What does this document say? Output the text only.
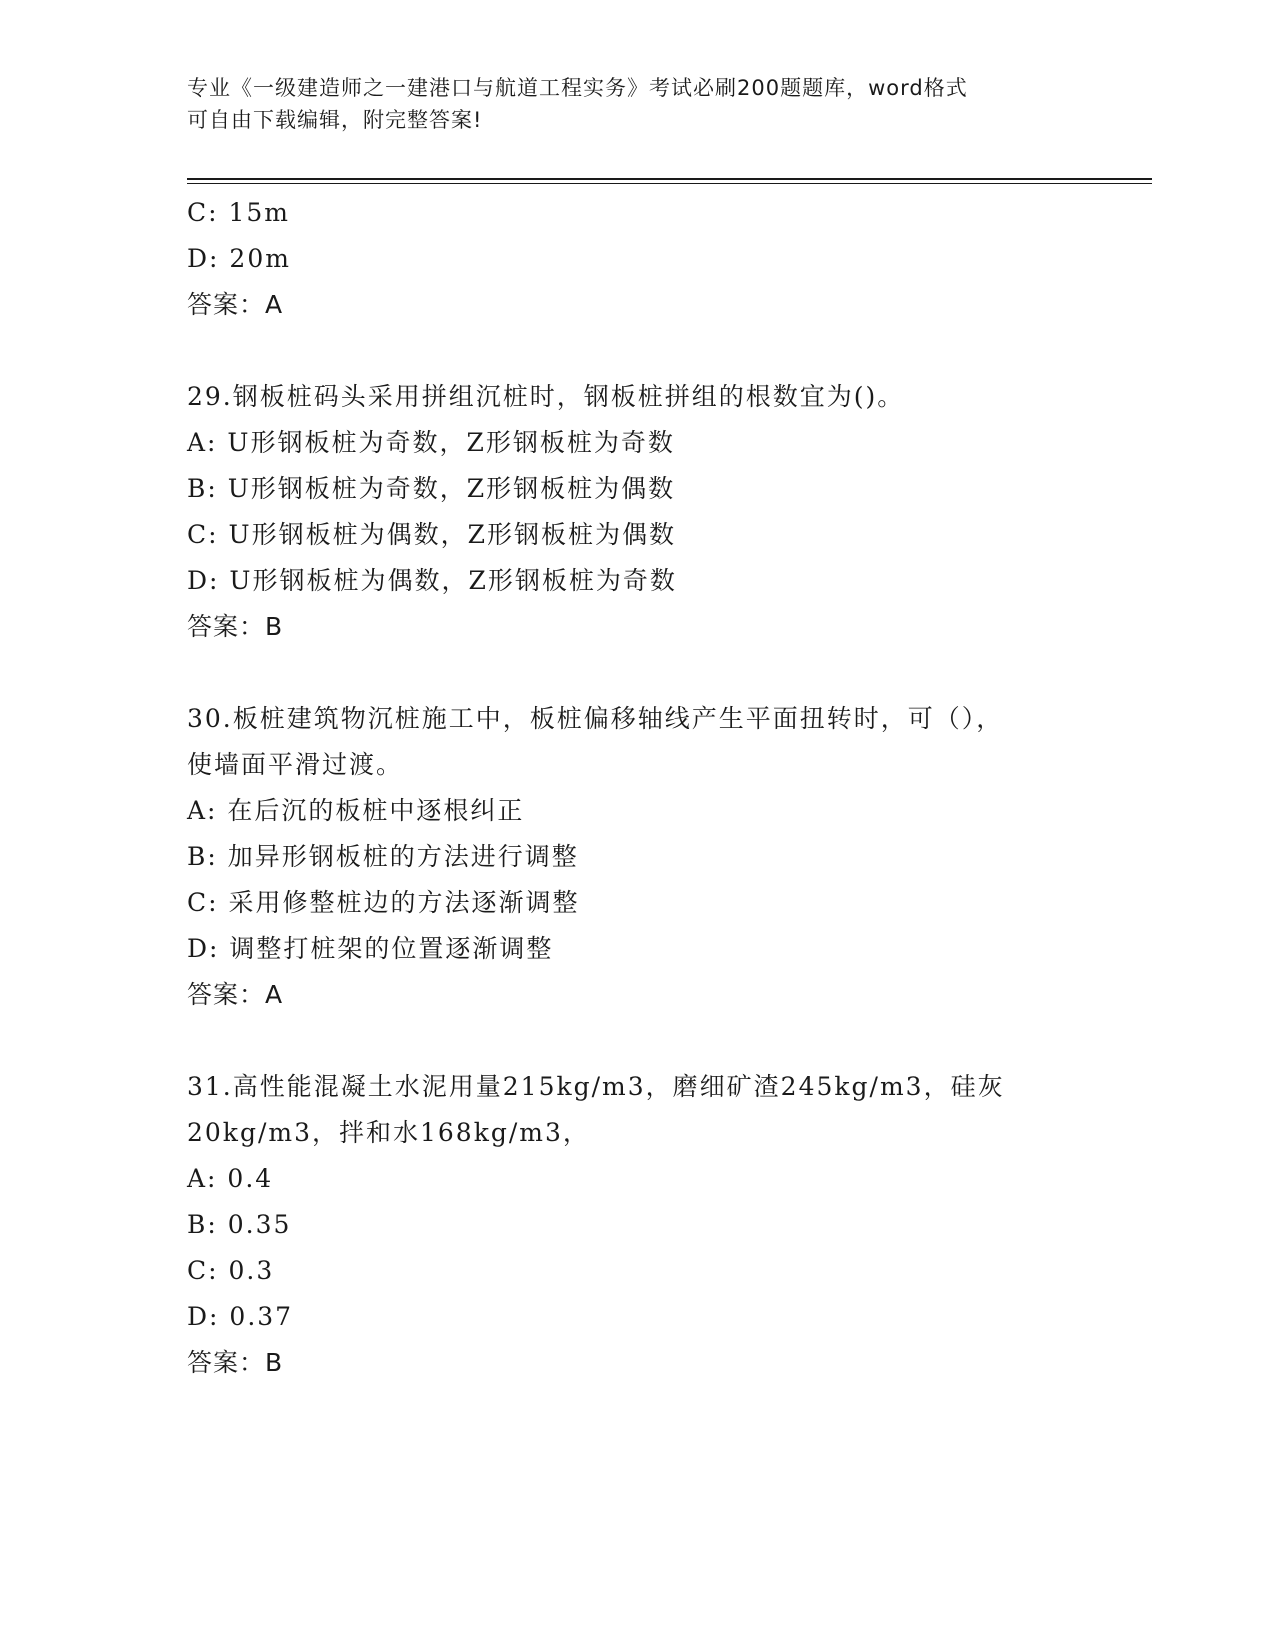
专业《一级建造师之一建港口与航道工程实务》考试必刷200题题库，word格式
可自由下载编辑，附完整答案!
C: 15m
D: 20m
答案：A
29.钢板桩码头采用拼组沉桩时，钢板桩拼组的根数宜为()。
A: U形钢板桩为奇数，Z形钢板桩为奇数
B: U形钢板桩为奇数，Z形钢板桩为偶数
C: U形钢板桩为偶数，Z形钢板桩为偶数
D: U形钢板桩为偶数，Z形钢板桩为奇数
答案：B
30.板桩建筑物沉桩施工中，板桩偏移轴线产生平面扭转时，可（），
使墙面平滑过渡。
A: 在后沉的板桩中逐根纠正
B: 加异形钢板桩的方法进行调整
C: 采用修整桩边的方法逐渐调整
D: 调整打桩架的位置逐渐调整
答案：A
31.高性能混凝土水泥用量215kg/m3，磨细矿渣245kg/m3，硅灰
20kg/m3，拌和水168kg/m3，
A: 0.4
B: 0.35
C: 0.3
D: 0.37
答案：B
